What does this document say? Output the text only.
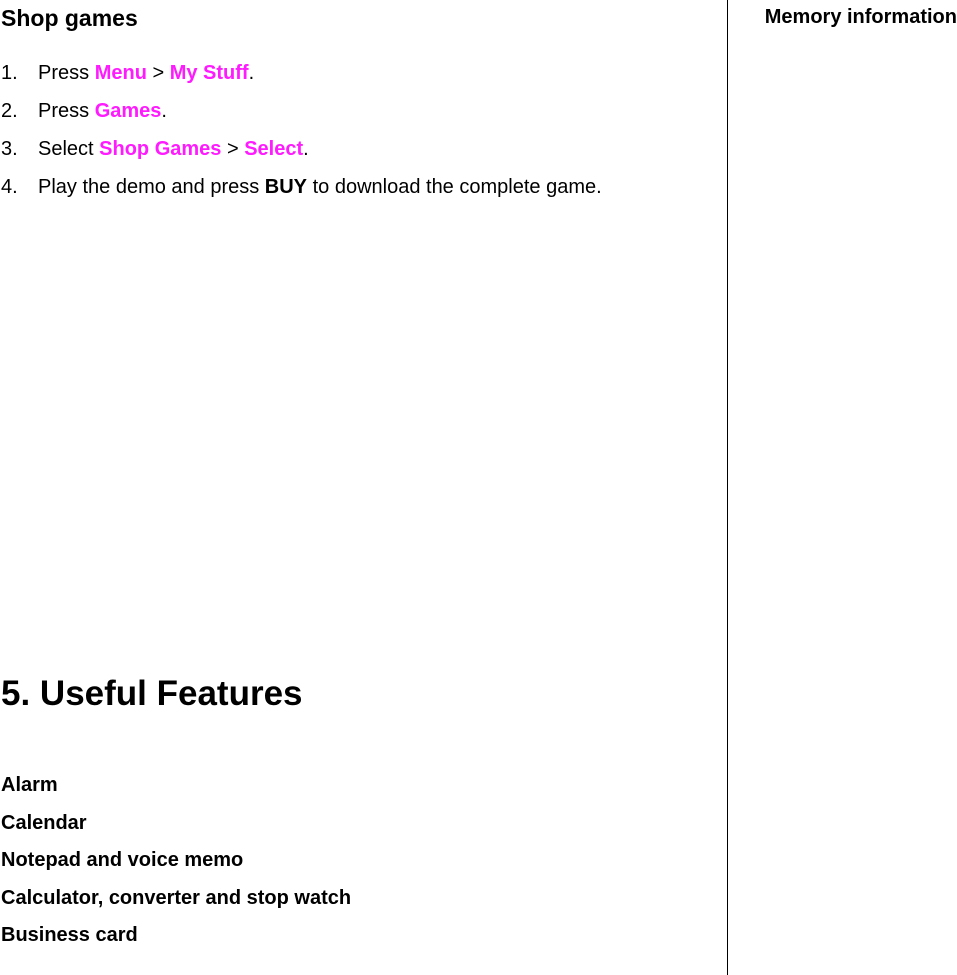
Shop games
1. Press Menu > My Stuff.
2. Press Games.
3. Select Shop Games > Select.
4. Play the demo and press BUY to download the complete game.
5. Useful Features
Alarm
Calendar
Notepad and voice memo
Calculator, converter and stop watch
Business card
Memory information
